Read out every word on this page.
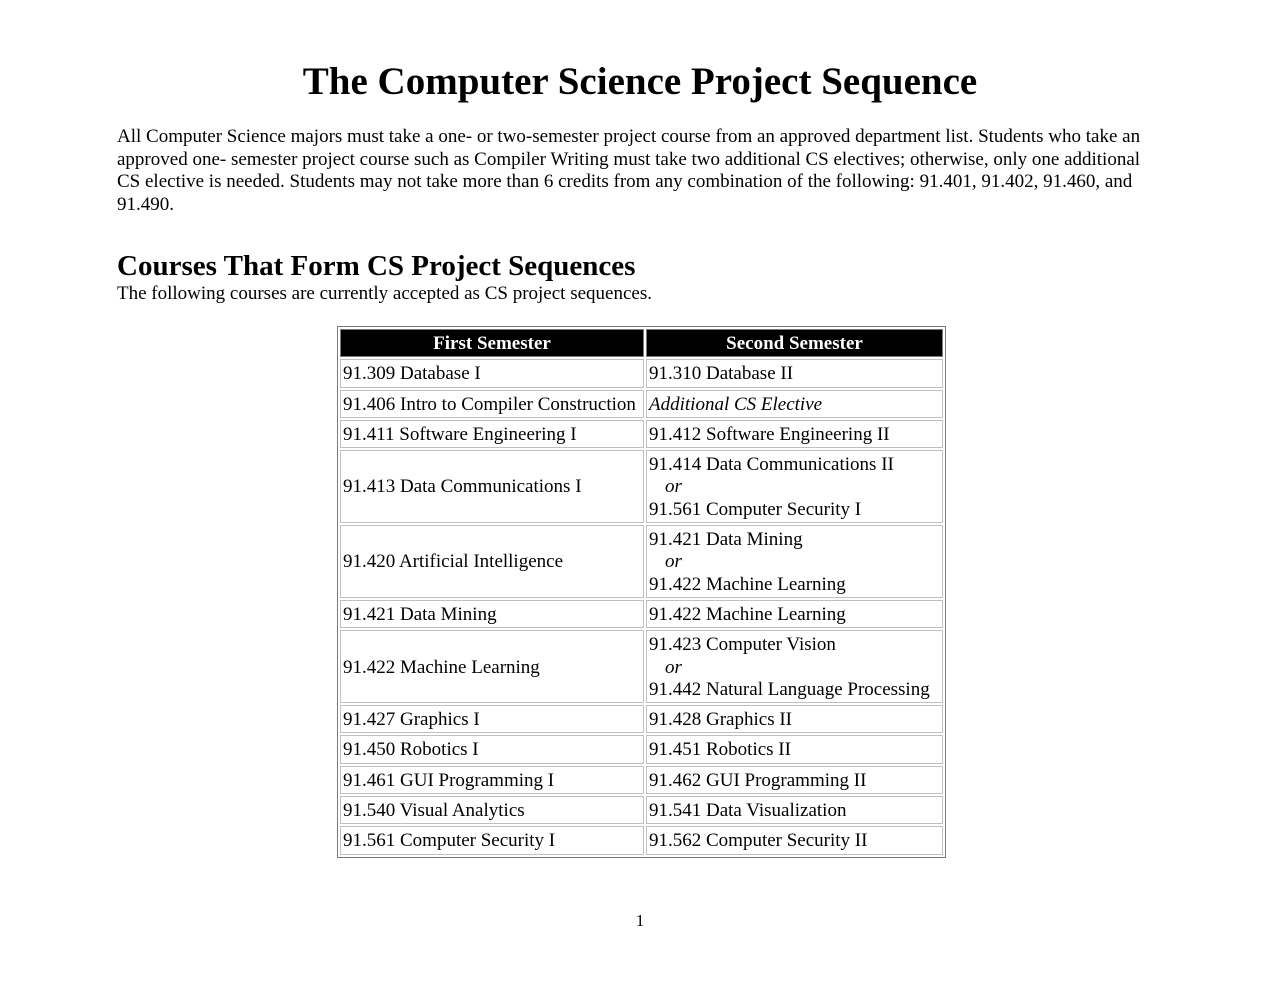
The Computer Science Project Sequence

All Computer Science majors must take a one- or two-semester project course from an approved department list. Students who take an approved one- semester project course such as Compiler Writing must take two additional CS electives; otherwise, only one additional CS elective is needed. Students may not take more than 6 credits from any combination of the following: 91.401, 91.402, 91.460, and 91.490.

Courses That Form CS Project Sequences

The following courses are currently accepted as CS project sequences.

First Semester	Second Semester
91.309 Database I	91.310 Database II
91.406 Intro to Compiler Construction	Additional CS Elective
91.411 Software Engineering I	91.412 Software Engineering II
91.413 Data Communications I	91.414 Data Communications II
or
91.561 Computer Security I

91.420 Artificial Intelligence	91.421 Data Mining
or
91.422 Machine Learning

91.421 Data Mining	91.422 Machine Learning
91.422 Machine Learning	91.423 Computer Vision
or
91.442 Natural Language Processing

91.427 Graphics I	91.428 Graphics II
91.450 Robotics I	91.451 Robotics II
91.461 GUI Programming I	91.462 GUI Programming II
91.540 Visual Analytics	91.541 Data Visualization
91.561 Computer Security I	91.562 Computer Security II

1
